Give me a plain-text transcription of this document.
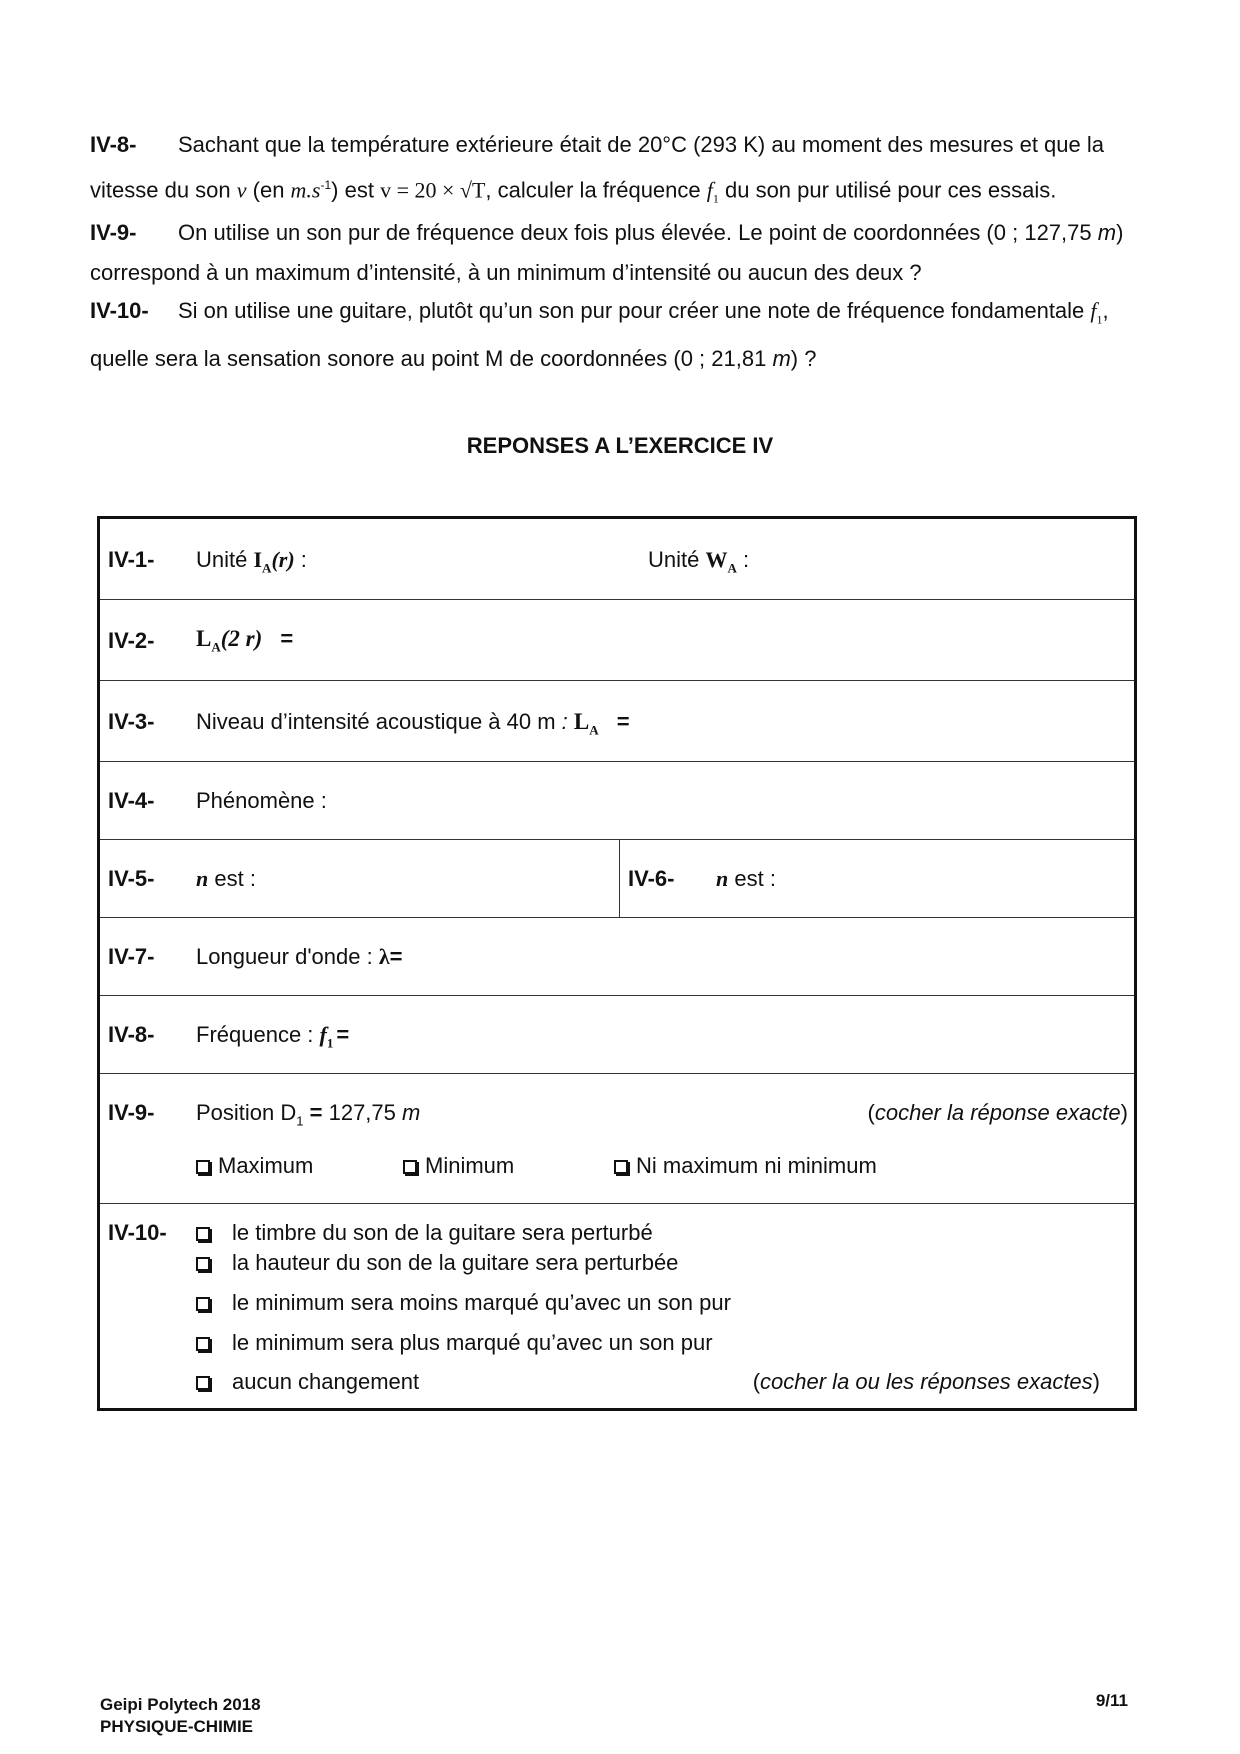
IV-8- Sachant que la température extérieure était de 20°C (293 K) au moment des mesures et que la
vitesse du son v (en $m.s^{-1}$) est v = 20 × √T, calculer la fréquence $f_1$ du son pur utilisé pour ces essais.
IV-9- On utilise un son pur de fréquence deux fois plus élevée. Le point de coordonnées (0 ; 127,75 m)
correspond à un maximum d’intensité, à un minimum d’intensité ou aucun des deux ?
IV-10- Si on utilise une guitare, plutôt qu’un son pur pour créer une note de fréquence fondamentale $f_1$,
quelle sera la sensation sonore au point M de coordonnées (0 ; 21,81 m) ?
REPONSES A L’EXERCICE IV
IV-1- Unité $I_A(r)$ :	Unité $W_A$ :
IV-2- $L_A(2$ r) =
IV-3- Niveau d’intensité acoustique à 40 m : $L_A$ =
IV-4- Phénomène :
IV-5- n est :	IV-6- n est :
IV-7- Longueur d'onde : λ=
IV-8- Fréquence : $f_1$ =
IV-9- Position $D_1 = 127,75$ m	(cocher la réponse exacte)
Maximum	Minimum	Ni maximum ni minimum
IV-10-	le timbre du son de la guitare sera perturbé
la hauteur du son de la guitare sera perturbée
le minimum sera moins marqué qu’avec un son pur
le minimum sera plus marqué qu’avec un son pur
aucun changement	(cocher la ou les réponses exactes)
Geipi Polytech 2018
PHYSIQUE-CHIMIE
9/11
